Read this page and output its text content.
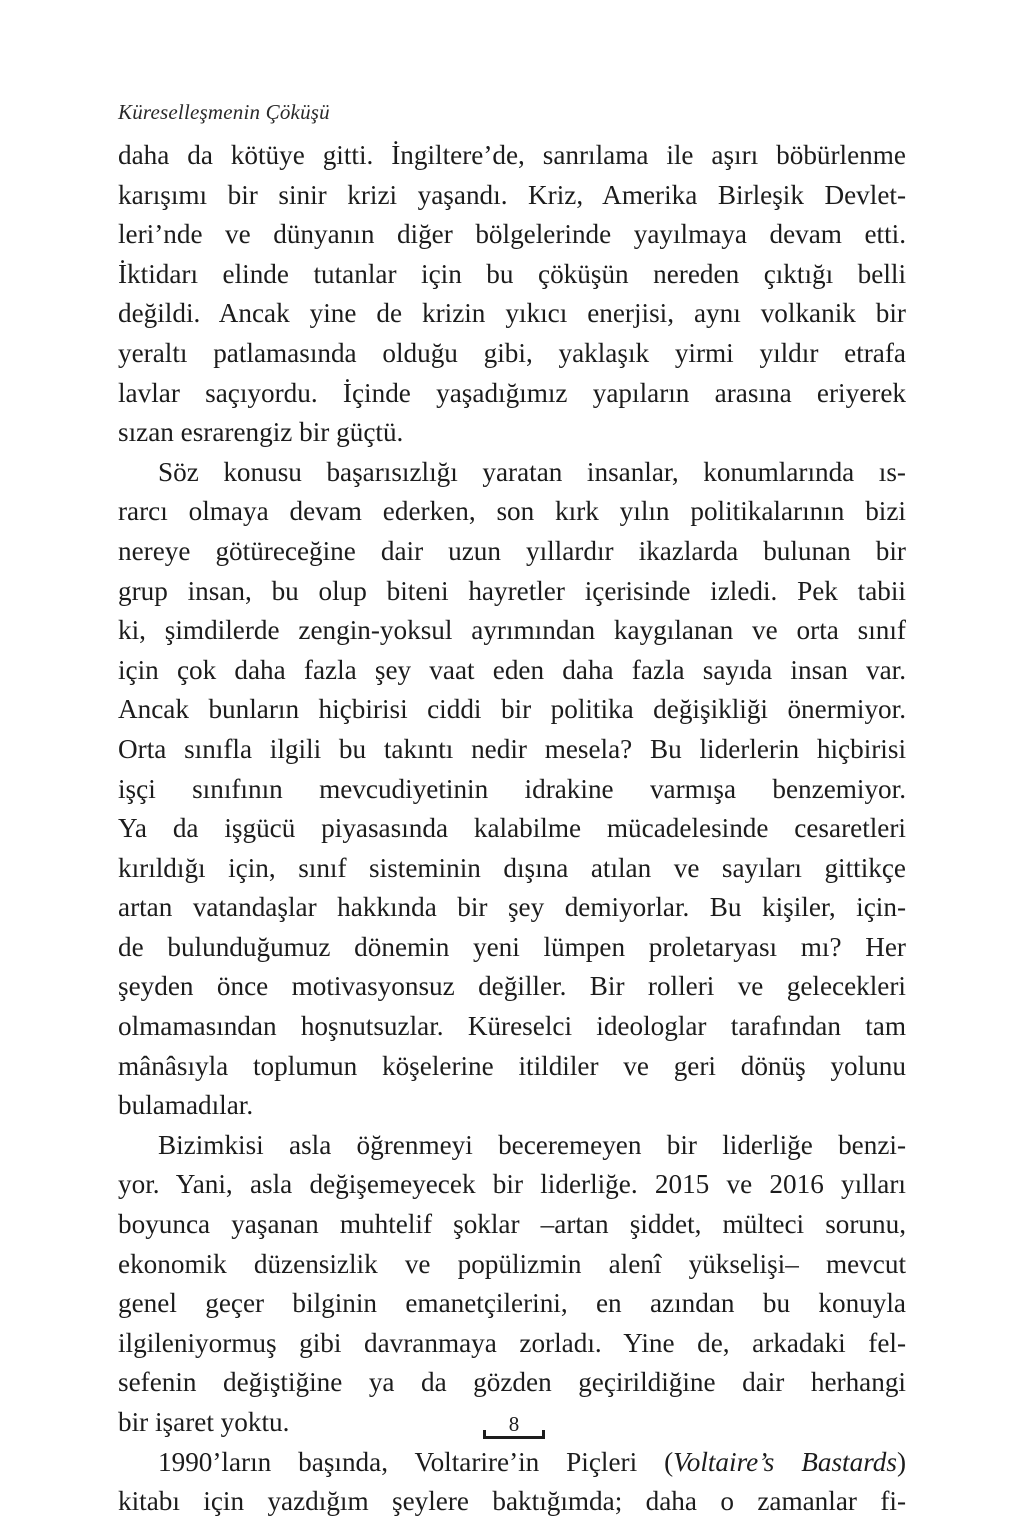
Küreselleşmenin Çöküşü
daha da kötüye gitti. İngiltere’de, sanrılama ile aşırı böbürlenme
karışımı bir sinir krizi yaşandı. Kriz, Amerika Birleşik Devlet-
leri’nde ve dünyanın diğer bölgelerinde yayılmaya devam etti.
İktidarı elinde tutanlar için bu çöküşün nereden çıktığı belli
değildi. Ancak yine de krizin yıkıcı enerjisi, aynı volkanik bir
yeraltı patlamasında olduğu gibi, yaklaşık yirmi yıldır etrafa
lavlar saçıyordu. İçinde yaşadığımız yapıların arasına eriyerek
sızan esrarengiz bir güçtü.
Söz konusu başarısızlığı yaratan insanlar, konumlarında ıs-
rarcı olmaya devam ederken, son kırk yılın politikalarının bizi
nereye götüreceğine dair uzun yıllardır ikazlarda bulunan bir
grup insan, bu olup biteni hayretler içerisinde izledi. Pek tabii
ki, şimdilerde zengin-yoksul ayrımından kaygılanan ve orta sınıf
için çok daha fazla şey vaat eden daha fazla sayıda insan var.
Ancak bunların hiçbirisi ciddi bir politika değişikliği önermiyor.
Orta sınıfla ilgili bu takıntı nedir mesela? Bu liderlerin hiçbirisi
işçi sınıfının mevcudiyetinin idrakine varmışa benzemiyor.
Ya da işgücü piyasasında kalabilme mücadelesinde cesaretleri
kırıldığı için, sınıf sisteminin dışına atılan ve sayıları gittikçe
artan vatandaşlar hakkında bir şey demiyorlar. Bu kişiler, için-
de bulunduğumuz dönemin yeni lümpen proletaryası mı? Her
şeyden önce motivasyonsuz değiller. Bir rolleri ve gelecekleri
olmamasından hoşnutsuzlar. Küreselci ideologlar tarafından tam
mânâsıyla toplumun köşelerine itildiler ve geri dönüş yolunu
bulamadılar.
Bizimkisi asla öğrenmeyi beceremeyen bir liderliğe benzi-
yor. Yani, asla değişemeyecek bir liderliğe. 2015 ve 2016 yılları
boyunca yaşanan muhtelif şoklar –artan şiddet, mülteci sorunu,
ekonomik düzensizlik ve popülizmin alenî yükselişi– mevcut
genel geçer bilginin emanetçilerini, en azından bu konuyla
ilgileniyormuş gibi davranmaya zorladı. Yine de, arkadaki fel-
sefenin değiştiğine ya da gözden geçirildiğine dair herhangi
bir işaret yoktu.
1990’ların başında, Voltarire’in Piçleri (Voltaire’s Bastards)
kitabı için yazdığım şeylere baktığımda; daha o zamanlar fi-
8
